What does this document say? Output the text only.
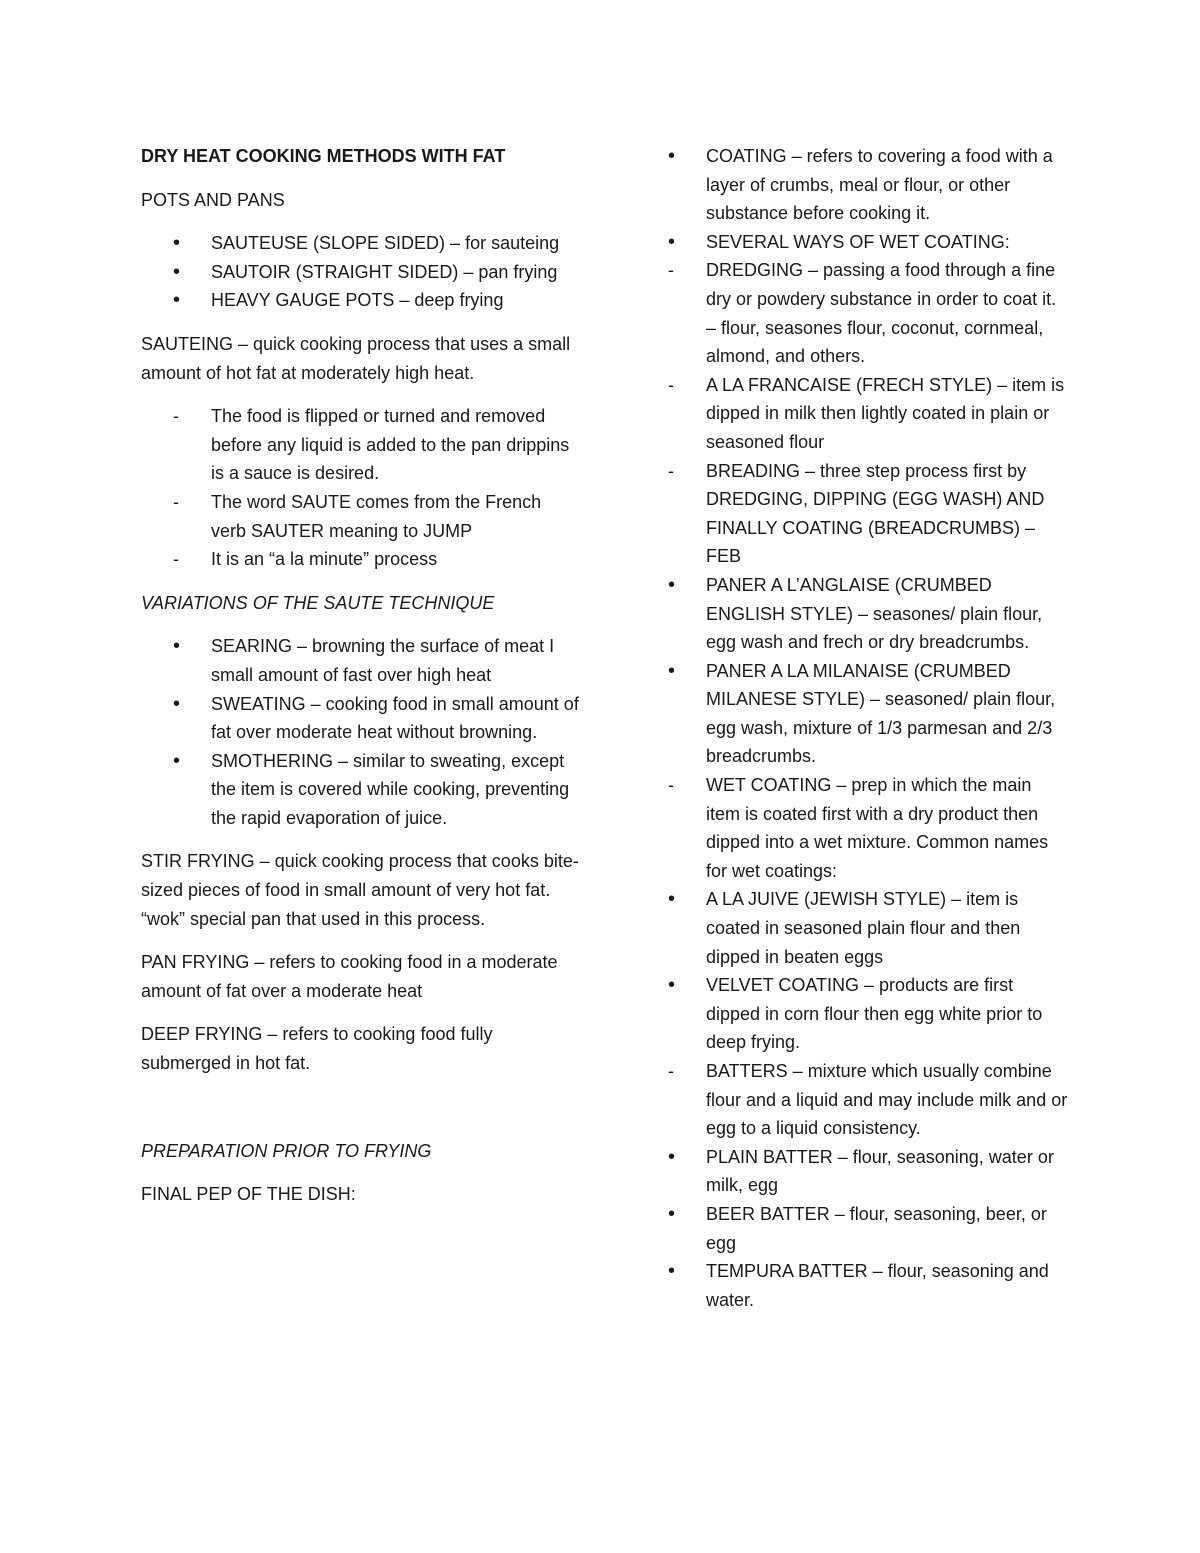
DRY HEAT COOKING METHODS WITH FAT

POTS AND PANS

•
SAUTEUSE (SLOPE SIDED) – for sauteing
•
SAUTOIR (STRAIGHT SIDED) – pan frying
•
HEAVY GAUGE POTS – deep frying

SAUTEING – quick cooking process that uses a small amount of hot fat at moderately high heat.

-
The food is flipped or turned and removed before any liquid is added to the pan drippins is a sauce is desired.
-
The word SAUTE comes from the French verb SAUTER meaning to JUMP
-
It is an “a la minute” process

VARIATIONS OF THE SAUTE TECHNIQUE

•
SEARING – browning the surface of meat I small amount of fast over high heat
•
SWEATING – cooking food in small amount of fat over moderate heat without browning.
•
SMOTHERING – similar to sweating, except the item is covered while cooking, preventing the rapid evaporation of juice.

STIR FRYING – quick cooking process that cooks bite-sized pieces of food in small amount of very hot fat. “wok” special pan that used in this process.

PAN FRYING – refers to cooking food in a moderate amount of fat over a moderate heat

DEEP FRYING – refers to cooking food fully submerged in hot fat.

PREPARATION PRIOR TO FRYING

FINAL PEP OF THE DISH:

•
COATING – refers to covering a food with a layer of crumbs, meal or flour, or other substance before cooking it.
•
SEVERAL WAYS OF WET COATING:
-
DREDGING – passing a food through a fine dry or powdery substance in order to coat it. – flour, seasones flour, coconut, cornmeal, almond, and others.
-
A LA FRANCAISE (FRECH STYLE) – item is dipped in milk then lightly coated in plain or seasoned flour
-
BREADING – three step process first by DREDGING, DIPPING (EGG WASH) AND FINALLY COATING (BREADCRUMBS) – FEB
•
PANER A L’ANGLAISE (CRUMBED ENGLISH STYLE) – seasones/ plain flour, egg wash and frech or dry breadcrumbs.
•
PANER A LA MILANAISE (CRUMBED MILANESE STYLE) – seasoned/ plain flour, egg wash, mixture of 1/3 parmesan and 2/3 breadcrumbs.
-
WET COATING – prep in which the main item is coated first with a dry product then dipped into a wet mixture. Common names for wet coatings:
•
A LA JUIVE (JEWISH STYLE) – item is coated in seasoned plain flour and then dipped in beaten eggs
•
VELVET COATING – products are first dipped in corn flour then egg white prior to deep frying.
-
BATTERS – mixture which usually combine flour and a liquid and may include milk and or egg to a liquid consistency.
•
PLAIN BATTER – flour, seasoning, water or milk, egg
•
BEER BATTER – flour, seasoning, beer, or egg
•
TEMPURA BATTER – flour, seasoning and water.
